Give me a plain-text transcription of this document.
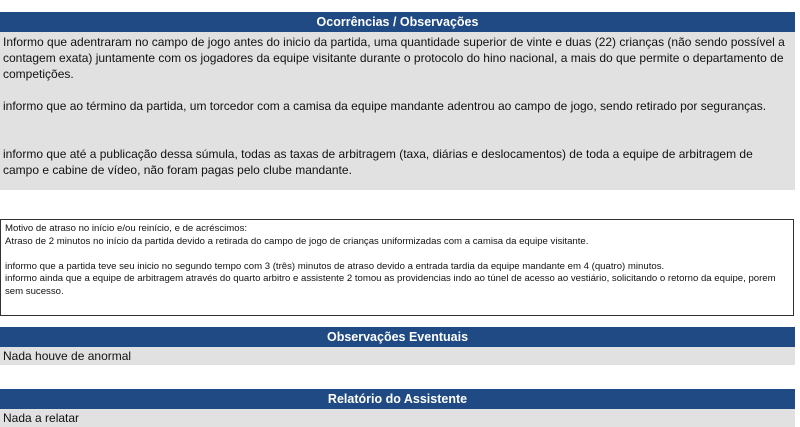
Ocorrências / Observações

Informo que adentraram no campo de jogo antes do inicio da partida, uma quantidade superior de vinte e duas (22) crianças (não sendo possível a contagem exata) juntamente com os jogadores da equipe visitante durante o protocolo do hino nacional, a mais do que permite o departamento de competições.

informo que ao término da partida, um torcedor com a camisa da equipe mandante adentrou ao campo de jogo, sendo retirado por seguranças.

informo que até a publicação dessa súmula, todas as taxas de arbitragem (taxa, diárias e deslocamentos) de toda a equipe de arbitragem de campo e cabine de vídeo, não foram pagas pelo clube mandante.

Motivo de atraso no início e/ou reinício, e de acréscimos:

Atraso de 2 minutos no início da partida devido a retirada do campo de jogo de crianças uniformizadas com a camisa da equipe visitante.

informo que a partida teve seu inicio no segundo tempo com 3 (três) minutos de atraso devido a entrada tardia da equipe mandante em 4 (quatro) minutos.

informo ainda que a equipe de arbitragem através do quarto arbitro e assistente 2 tomou as providencias indo ao túnel de acesso ao vestiário, solicitando o retorno da equipe, porem sem sucesso.

Observações Eventuais
Nada houve de anormal
Relatório do Assistente
Nada a relatar
